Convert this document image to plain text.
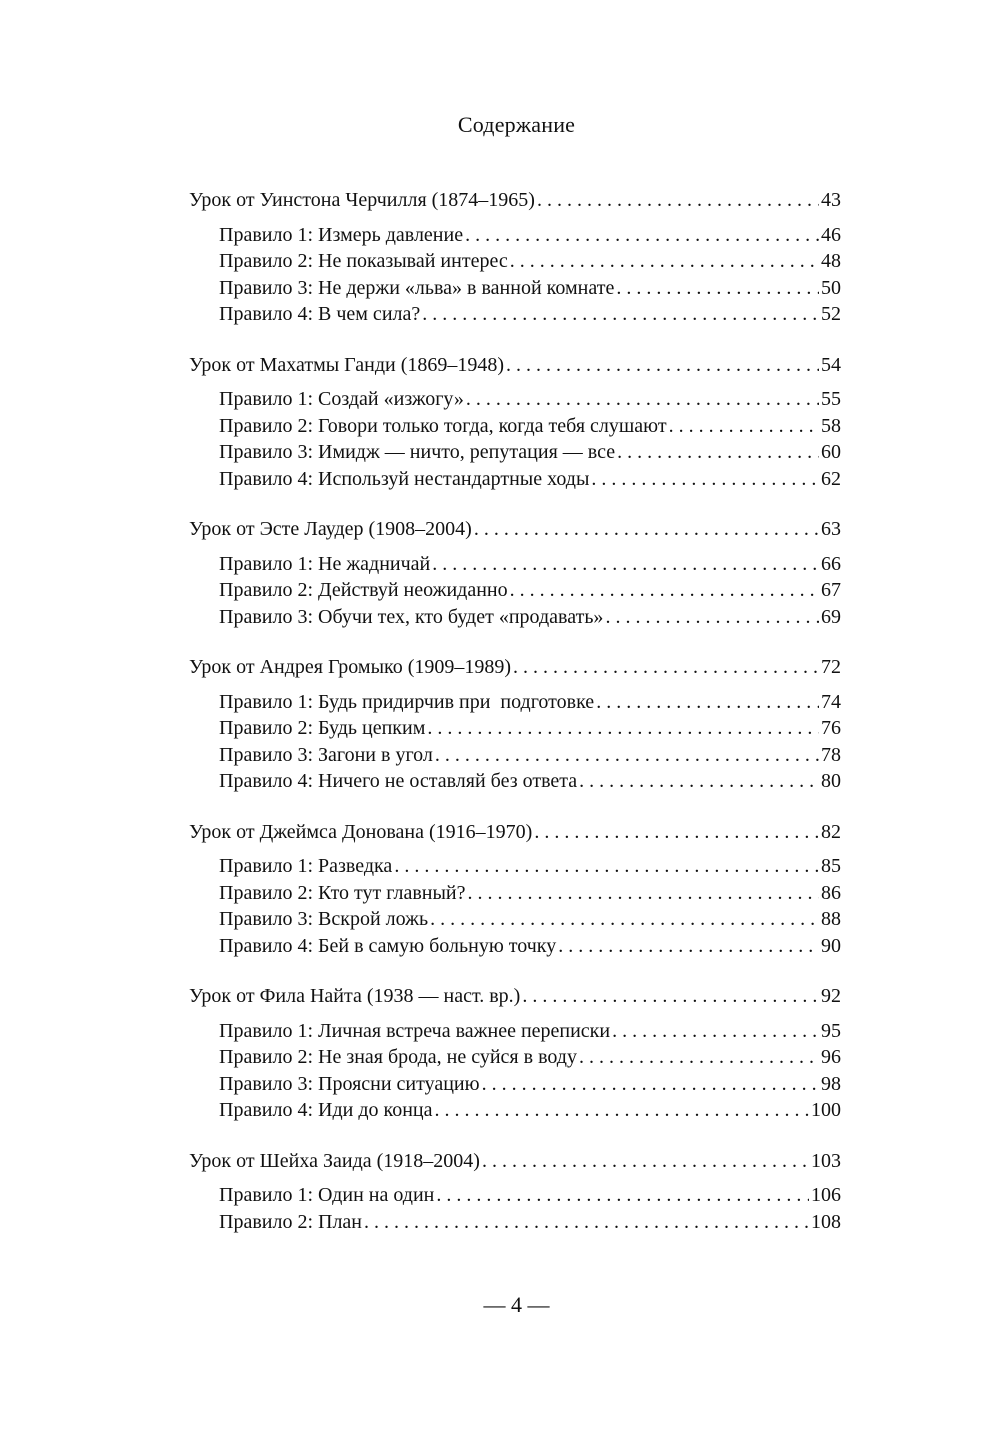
Содержание
Урок от Уинстона Черчилля (1874–1965) . . .	43
Правило 1: Измерь давление . . .	46
Правило 2: Не показывай интерес . . .	48
Правило 3: Не держи «льва» в ванной комнате . . .	50
Правило 4: В чем сила? . . .	52
Урок от Махатмы Ганди (1869–1948) . . .	54
Правило 1: Создай «изжогу» . . .	55
Правило 2: Говори только тогда, когда тебя слушают . . .	58
Правило 3: Имидж — ничто, репутация — все . . .	60
Правило 4: Используй нестандартные ходы . . .	62
Урок от Эсте Лаудер (1908–2004) . . .	63
Правило 1: Не жадничай . . .	66
Правило 2: Действуй неожиданно . . .	67
Правило 3: Обучи тех, кто будет «продавать» . . .	69
Урок от Андрея Громыко (1909–1989) . . .	72
Правило 1: Будь придирчив при  подготовке . . .	74
Правило 2: Будь цепким . . .	76
Правило 3: Загони в угол . . .	78
Правило 4: Ничего не оставляй без ответа . . .	80
Урок от Джеймса Донована (1916–1970) . . .	82
Правило 1: Разведка . . .	85
Правило 2: Кто тут главный? . . .	86
Правило 3: Вскрой ложь . . .	88
Правило 4: Бей в самую больную точку . . .	90
Урок от Фила Найта (1938 — наст. вр.) . . .	92
Правило 1: Личная встреча важнее переписки . . .	95
Правило 2: Не зная брода, не суйся в воду . . .	96
Правило 3: Проясни ситуацию . . .	98
Правило 4: Иди до конца . . .	100
Урок от Шейха Заида (1918–2004) . . .	103
Правило 1: Один на один . . .	106
Правило 2: План . . .	108
— 4 —
